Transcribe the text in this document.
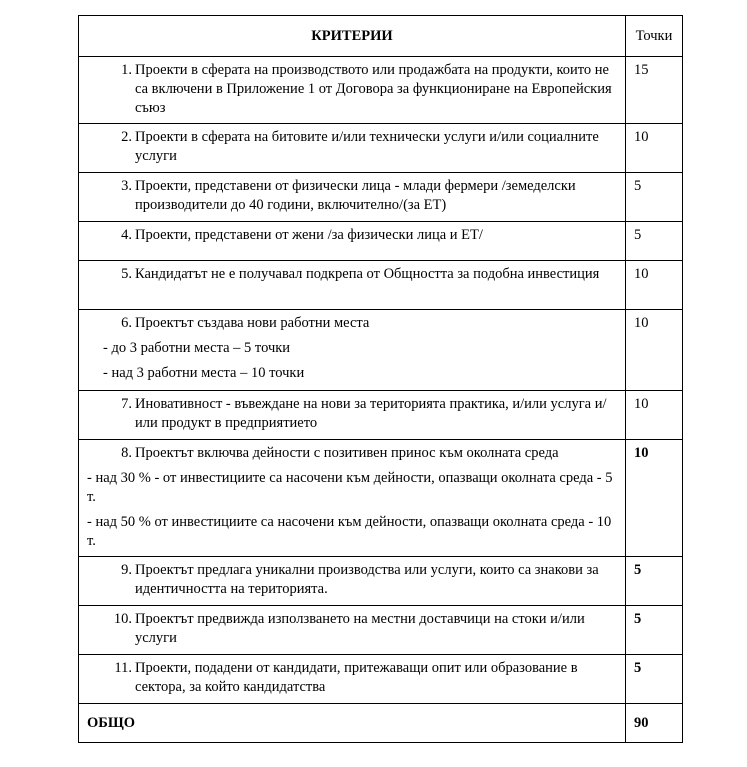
КРИТЕРИИ	Точки

1. Проекти в сферата на производството или продажбата на продукти, които не са включени в Приложение 1 от Договора за функциониране на Европейския съюз	15

2. Проекти в сферата на битовите и/или технически услуги и/или социалните услуги	10

3. Проекти, представени от физически лица - млади фермери /земеделски производители до 40 години, включително/(за ЕТ)	5

4. Проекти, представени от жени /за физически лица и ЕТ/	5

5. Кандидатът не е получавал подкрепа от Общността за подобна инвестиция	10

6. Проектът създава нови работни места
- до 3 работни места – 5 точки
- над 3 работни места – 10 точки	10

7. Иновативност - въвеждане на нови за територията практика, и/или услуга и/или продукт в предприятието	10

8. Проектът включва дейности с позитивен принос към околната среда
- над 30 % - от инвестициите са насочени към дейности, опазващи околната среда - 5 т.
- над 50 % от инвестициите са насочени към дейности, опазващи околната среда - 10 т.	10

9. Проектът предлага уникални производства или услуги, които са знакови за идентичността на територията.	5

10. Проектът предвижда използването на местни доставчици на стоки и/или услуги	5

11. Проекти, подадени от кандидати, притежаващи опит или образование в сектора, за който кандидатства	5
ОБЩО	90
